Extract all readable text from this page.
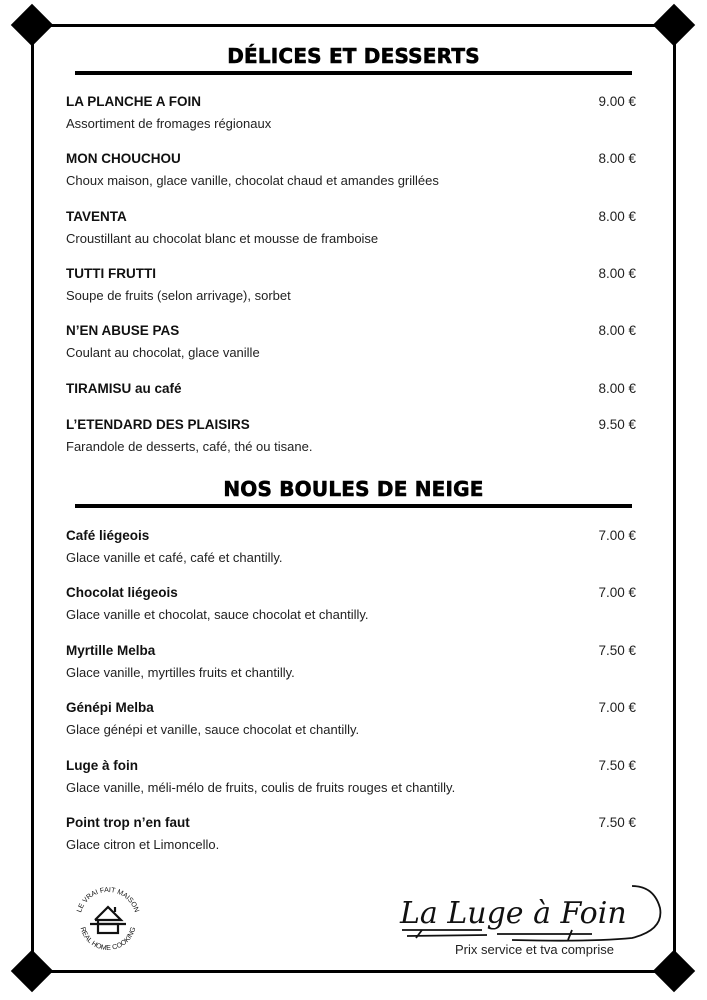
DÉLICES ET DESSERTS
LA PLANCHE A FOIN	9.00 €
Assortiment de fromages régionaux
MON CHOUCHOU	8.00 €
Choux maison, glace vanille, chocolat chaud et amandes grillées
TAVENTA	8.00 €
Croustillant au chocolat blanc et mousse de framboise
TUTTI FRUTTI	8.00 €
Soupe de fruits (selon arrivage), sorbet
N’EN ABUSE PAS	8.00 €
Coulant au chocolat, glace vanille
TIRAMISU au café	8.00 €
L’ETENDARD DES PLAISIRS	9.50 €
Farandole de desserts, café, thé ou tisane.
NOS BOULES DE NEIGE
Café liégeois	7.00 €
Glace vanille et café, café et chantilly.
Chocolat liégeois	7.00 €
Glace vanille et chocolat, sauce chocolat et chantilly.
Myrtille Melba	7.50 €
Glace vanille, myrtilles fruits et chantilly.
Génépi Melba	7.00 €
Glace génépi et vanille, sauce chocolat et chantilly.
Luge à foin	7.50 €
Glace vanille, méli-mélo de fruits, coulis de fruits rouges et chantilly.
Point trop n’en faut	7.50 €
Glace citron et Limoncello.
LE VRAI FAIT MAISON
REAL HOME COOKING	La Luge à Foin
Prix service et tva comprise
